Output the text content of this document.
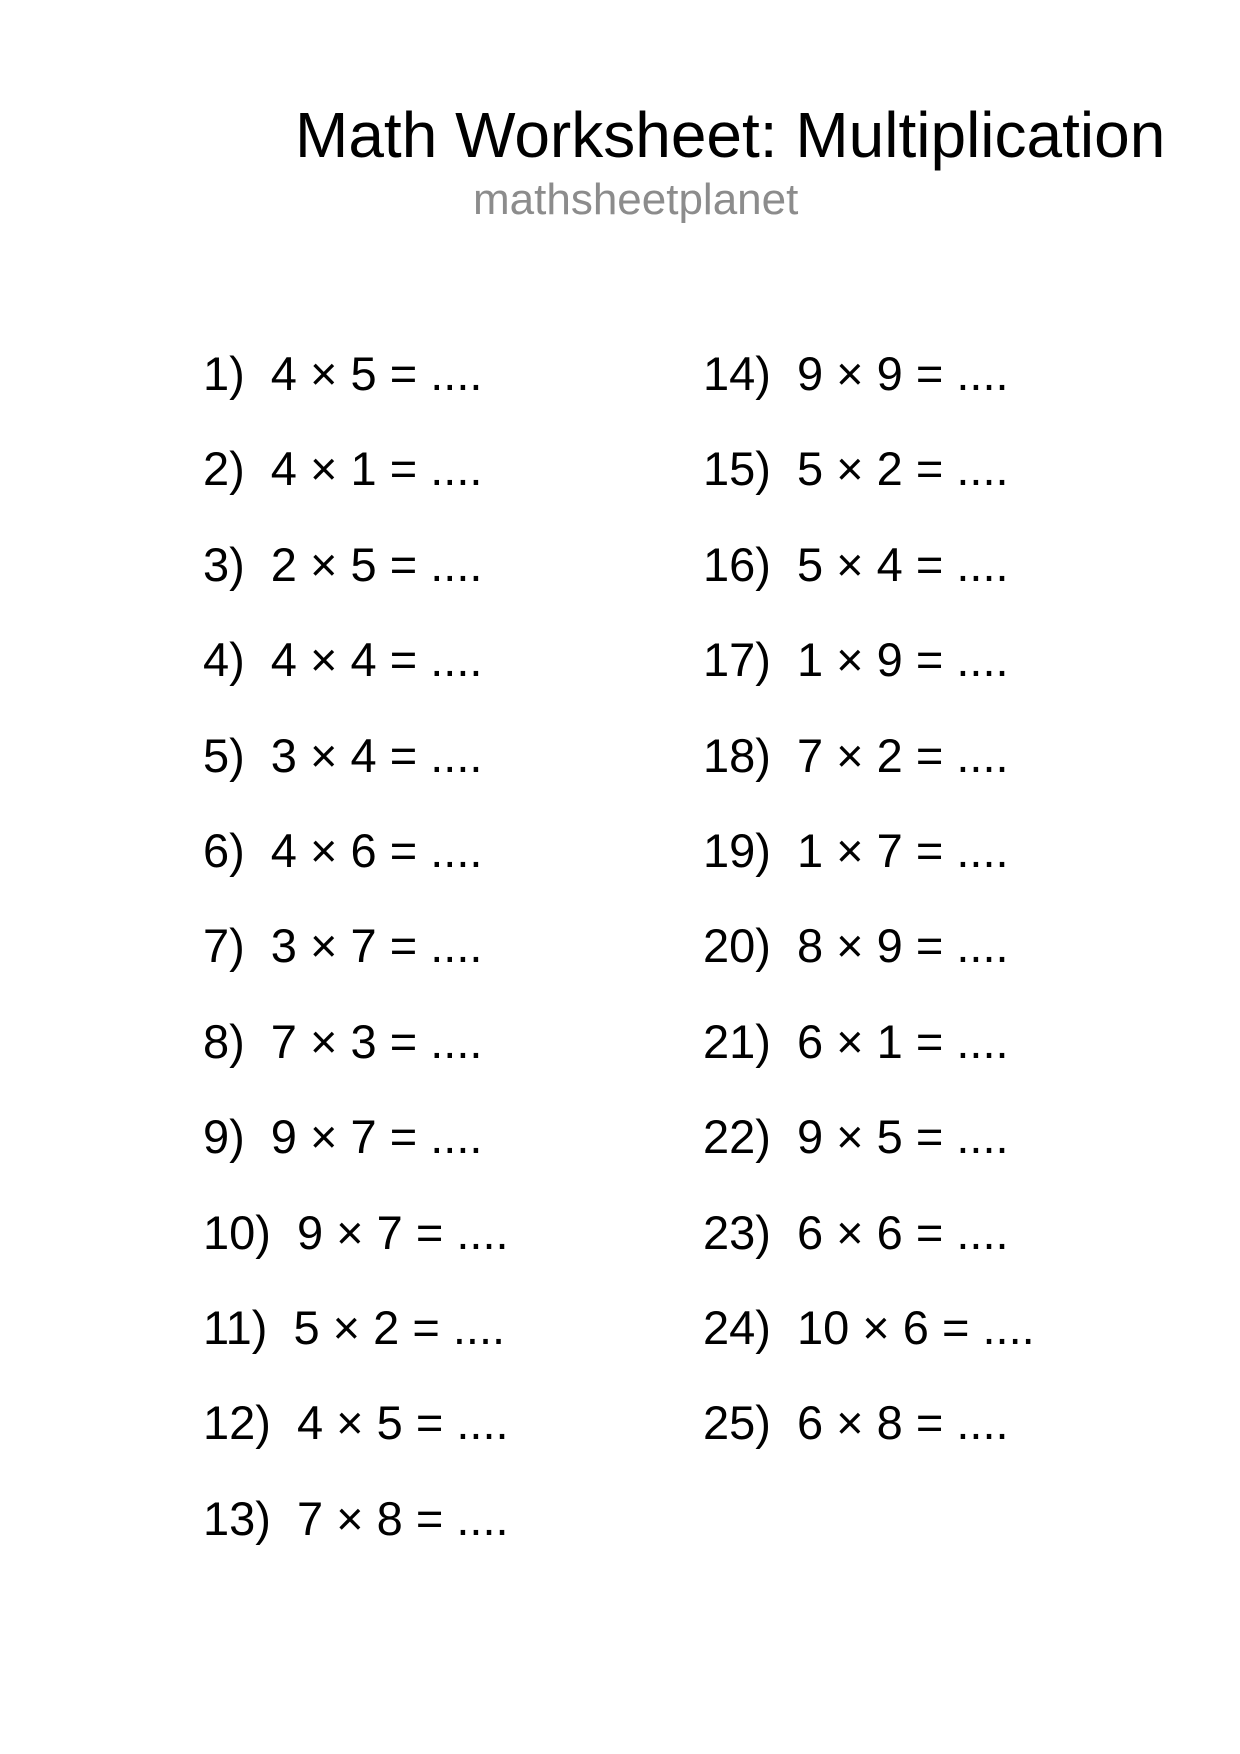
Math Worksheet: Multiplication
mathsheetplanet
1) 4 × 5 = ....
2) 4 × 1 = ....
3) 2 × 5 = ....
4) 4 × 4 = ....
5) 3 × 4 = ....
6) 4 × 6 = ....
7) 3 × 7 = ....
8) 7 × 3 = ....
9) 9 × 7 = ....
10) 9 × 7 = ....
11) 5 × 2 = ....
12) 4 × 5 = ....
13) 7 × 8 = ....
14) 9 × 9 = ....
15) 5 × 2 = ....
16) 5 × 4 = ....
17) 1 × 9 = ....
18) 7 × 2 = ....
19) 1 × 7 = ....
20) 8 × 9 = ....
21) 6 × 1 = ....
22) 9 × 5 = ....
23) 6 × 6 = ....
24) 10 × 6 = ....
25) 6 × 8 = ....
